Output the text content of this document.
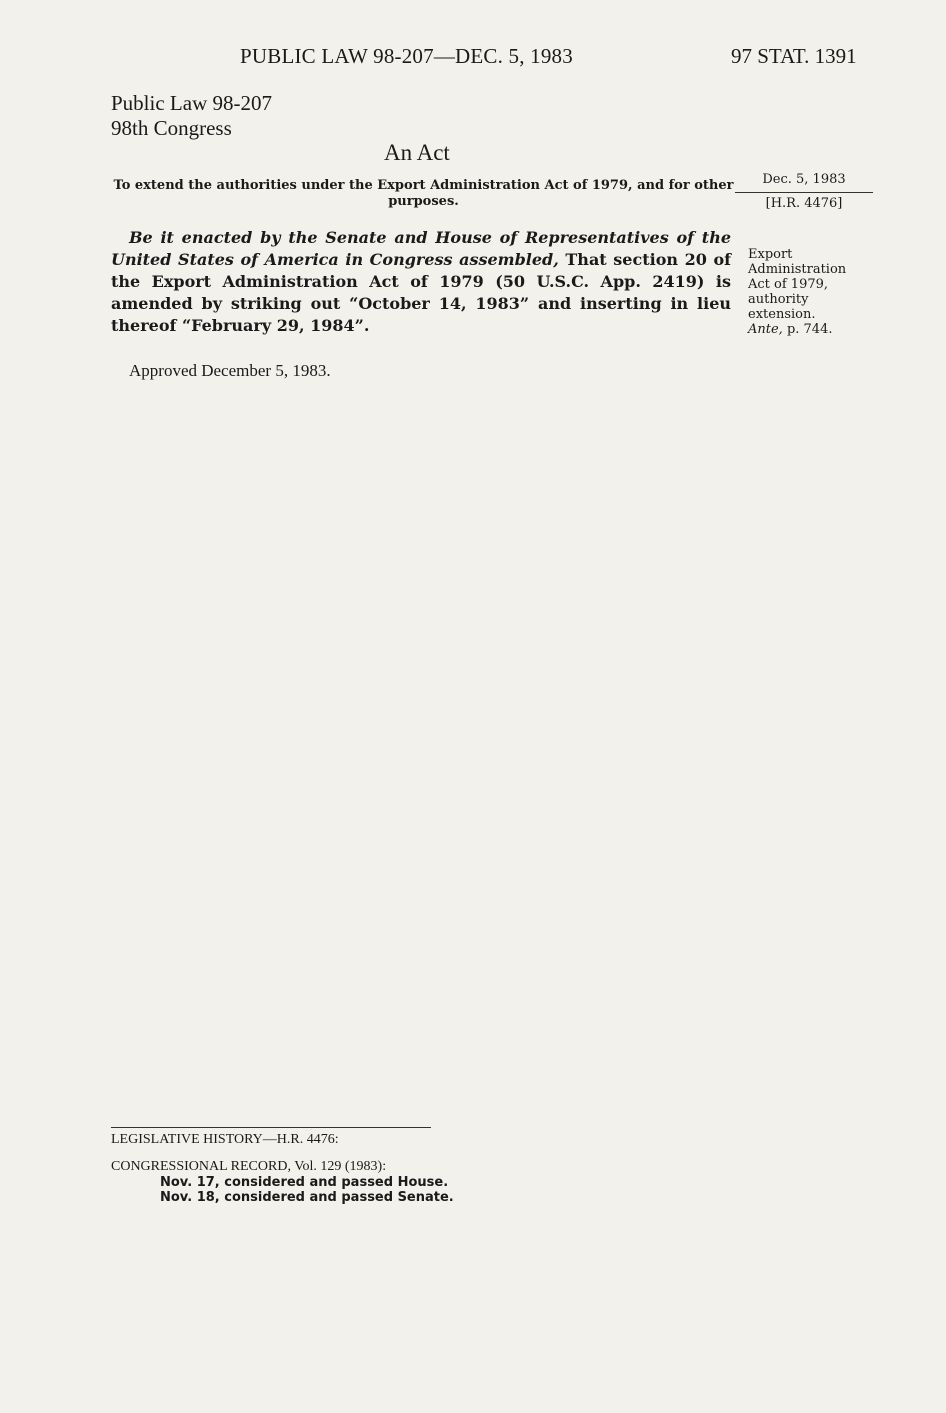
PUBLIC LAW 98-207—DEC. 5, 1983	97 STAT. 1391
Public Law 98-207
98th Congress
An Act
To extend the authorities under the Export Administration Act of 1979, and for other purposes.
Dec. 5, 1983
[H.R. 4476]
Be it enacted by the Senate and House of Representatives of the United States of America in Congress assembled, That section 20 of the Export Administration Act of 1979 (50 U.S.C. App. 2419) is amended by striking out “October 14, 1983” and inserting in lieu thereof “February 29, 1984”.
Export
Administration
Act of 1979,
authority
extension.
Ante, p. 744.
Approved December 5, 1983.
LEGISLATIVE HISTORY—H.R. 4476:
CONGRESSIONAL RECORD, Vol. 129 (1983):
Nov. 17, considered and passed House.
Nov. 18, considered and passed Senate.
